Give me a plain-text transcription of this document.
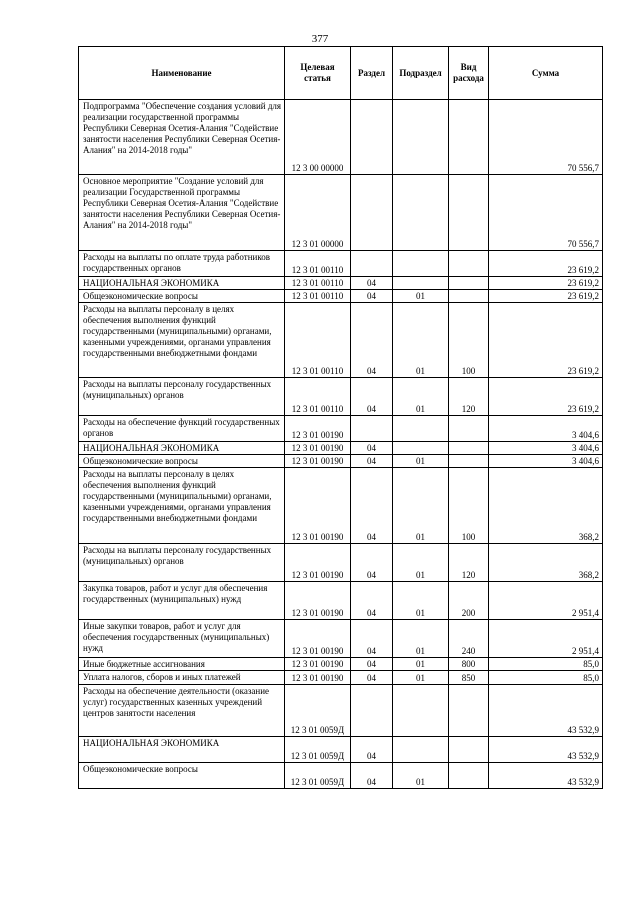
377
Наименование	Целевая статья	Раздел	Подраздел	Вид расхода	Сумма
Подпрограмма "Обеспечение создания условий для реализации государственной программы Республики Северная Осетия-Алания "Содействие занятости населения Республики Северная Осетия-Алания" на 2014-2018 годы"	12 3 00 00000				70 556,7
Основное мероприятие "Создание условий для реализации Государственной программы Республики Северная Осетия-Алания "Содействие занятости населения Республики Северная Осетия-Алания" на 2014-2018 годы"	12 3 01 00000				70 556,7
Расходы на выплаты по оплате труда работников государственных органов	12 3 01 00110				23 619,2
НАЦИОНАЛЬНАЯ ЭКОНОМИКА	12 3 01 00110	04			23 619,2
Общеэкономические вопросы	12 3 01 00110	04	01		23 619,2
Расходы на выплаты персоналу в целях обеспечения выполнения функций государственными (муниципальными) органами, казенными учреждениями, органами управления государственными внебюджетными фондами	12 3 01 00110	04	01	100	23 619,2
Расходы на выплаты персоналу государственных (муниципальных) органов	12 3 01 00110	04	01	120	23 619,2
Расходы на обеспечение функций государственных органов	12 3 01 00190				3 404,6
НАЦИОНАЛЬНАЯ ЭКОНОМИКА	12 3 01 00190	04			3 404,6
Общеэкономические вопросы	12 3 01 00190	04	01		3 404,6
Расходы на выплаты персоналу в целях обеспечения выполнения функций государственными (муниципальными) органами, казенными учреждениями, органами управления государственными внебюджетными фондами	12 3 01 00190	04	01	100	368,2
Расходы на выплаты персоналу государственных (муниципальных) органов	12 3 01 00190	04	01	120	368,2
Закупка товаров, работ и услуг для обеспечения государственных (муниципальных) нужд	12 3 01 00190	04	01	200	2 951,4
Иные закупки товаров, работ и услуг для обеспечения государственных (муниципальных) нужд	12 3 01 00190	04	01	240	2 951,4
Иные бюджетные ассигнования	12 3 01 00190	04	01	800	85,0
Уплата налогов, сборов и иных платежей	12 3 01 00190	04	01	850	85,0
Расходы на обеспечение деятельности (оказание услуг) государственных казенных учреждений центров занятости населения	12 3 01 0059Д				43 532,9
НАЦИОНАЛЬНАЯ ЭКОНОМИКА	12 3 01 0059Д	04			43 532,9
Общеэкономические вопросы	12 3 01 0059Д	04	01		43 532,9
